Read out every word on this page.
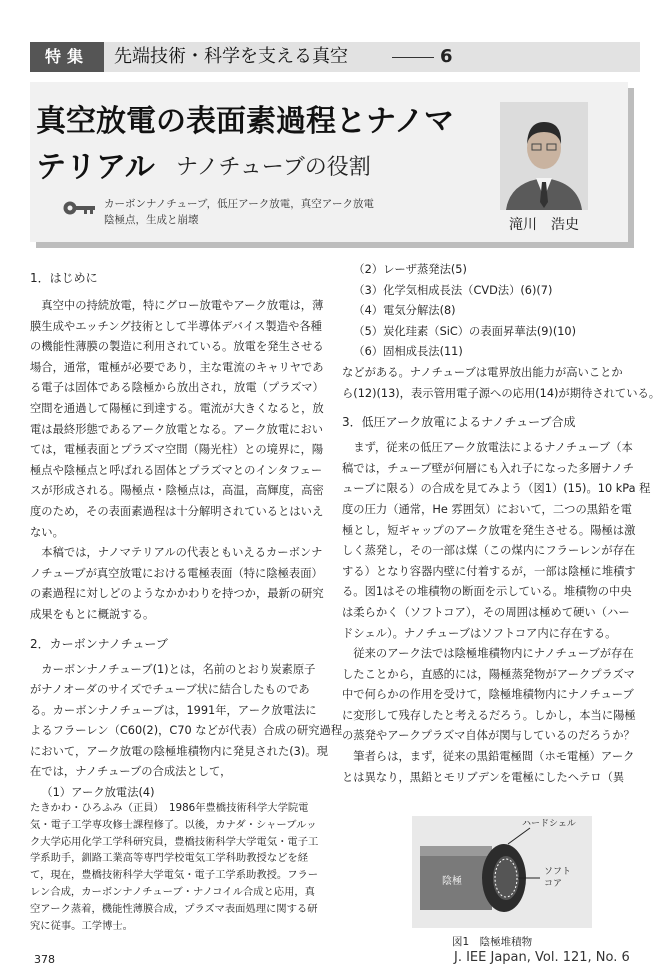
特集	先端技術・科学を支える真空	6
真空放電の表面素過程とナノマ
テリアル ナノチューブの役割
カーボンナノチューブ，低圧アーク放電，真空アーク放電
陰極点，生成と崩壊	滝川　浩史
1．はじめに

真空中の持続放電，特にグロー放電やアーク放電は，薄

膜生成やエッチング技術として半導体デバイス製造や各種

の機能性薄膜の製造に利用されている。放電を発生させる

場合，通常，電極が必要であり，主な電流のキャリヤであ

る電子は固体である陰極から放出され，放電（プラズマ）

空間を通過して陽極に到達する。電流が大きくなると，放

電は最終形態であるアーク放電となる。アーク放電におい

ては，電極表面とプラズマ空間（陽光柱）との境界に，陽

極点や陰極点と呼ばれる固体とプラズマとのインタフェー

スが形成される。陽極点・陰極点は，高温，高輝度，高密

度のため，その表面素過程は十分解明されているとはいえ

ない。

本稿では，ナノマテリアルの代表ともいえるカーボンナ

ノチューブが真空放電における電極表面（特に陰極表面）

の素過程に対しどのようなかかわりを持つか，最新の研究

成果をもとに概説する。

2．カーボンナノチューブ

カーボンナノチューブ(1)とは，名前のとおり炭素原子

がナノオーダのサイズでチューブ状に結合したものであ

る。カーボンナノチューブは，1991年，アーク放電法に

よるフラーレン（C60(2)，C70 などが代表）合成の研究過程

において，アーク放電の陰極堆積物内に発見された(3)。現

在では，ナノチューブの合成法として，

（1）アーク放電法(4)

（2）レーザ蒸発法(5)

（3）化学気相成長法（CVD法）(6)(7)

（4）電気分解法(8)

（5）炭化珪素（SiC）の表面昇華法(9)(10)

（6）固相成長法(11)

などがある。ナノチューブは電界放出能力が高いことか

ら(12)(13)，表示管用電子源への応用(14)が期待されている。

3．低圧アーク放電によるナノチューブ合成

まず，従来の低圧アーク放電法によるナノチューブ（本

稿では，チューブ壁が何層にも入れ子になった多層ナノチ

ューブに限る）の合成を見てみよう（図1）(15)。10 kPa 程

度の圧力（通常，He 雰囲気）において，二つの黒鉛を電

極とし，短ギャップのアーク放電を発生させる。陽極は激

しく蒸発し，その一部は煤（この煤内にフラーレンが存在

する）となり容器内壁に付着するが，一部は陰極に堆積す

る。図1はその堆積物の断面を示している。堆積物の中央

は柔らかく（ソフトコア），その周囲は極めて硬い（ハー

ドシェル）。ナノチューブはソフトコア内に存在する。

従来のアーク法では陰極堆積物内にナノチューブが存在

したことから，直感的には，陽極蒸発物がアークプラズマ

中で何らかの作用を受けて，陰極堆積物内にナノチューブ

に変形して残存したと考えるだろう。しかし，本当に陽極

の蒸発やアークプラズマ自体が関与しているのだろうか？

筆者らは，まず，従来の黒鉛電極間（ホモ電極）アーク

とは異なり，黒鉛とモリブデンを電極にしたヘテロ（異

たきかわ・ひろふみ（正員）　1986年豊橋技術科学大学院電

気・電子工学専攻修士課程修了。以後，カナダ・シャーブルッ

ク大学応用化学工学科研究員，豊橋技術科学大学電気・電子工

学系助手，釧路工業高等専門学校電気工学科助教授などを経

て，現在，豊橋技術科学大学電気・電子工学系助教授。フラー

レン合成，カーボンナノチューブ・ナノコイル合成と応用，真

空アーク蒸着，機能性薄膜合成，プラズマ表面処理に関する研

究に従事。工学博士。

ハードシェル
陰極
ソフト コア
図1　陰極堆積物
378	J. IEE Japan, Vol. 121, No. 6
